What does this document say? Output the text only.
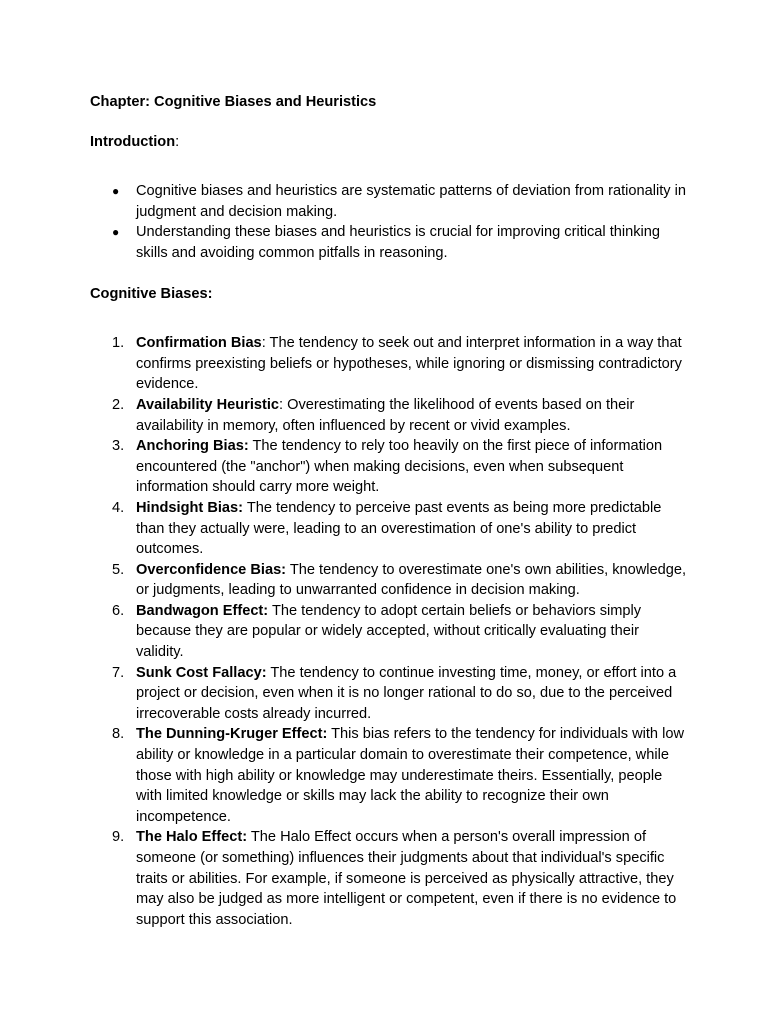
Chapter: Cognitive Biases and Heuristics
Introduction:
● Cognitive biases and heuristics are systematic patterns of deviation from rationality in judgment and decision making.
● Understanding these biases and heuristics is crucial for improving critical thinking skills and avoiding common pitfalls in reasoning.
Cognitive Biases:
1. Confirmation Bias: The tendency to seek out and interpret information in a way that confirms preexisting beliefs or hypotheses, while ignoring or dismissing contradictory evidence.
2. Availability Heuristic: Overestimating the likelihood of events based on their availability in memory, often influenced by recent or vivid examples.
3. Anchoring Bias: The tendency to rely too heavily on the first piece of information encountered (the "anchor") when making decisions, even when subsequent information should carry more weight.
4. Hindsight Bias: The tendency to perceive past events as being more predictable than they actually were, leading to an overestimation of one's ability to predict outcomes.
5. Overconfidence Bias: The tendency to overestimate one's own abilities, knowledge, or judgments, leading to unwarranted confidence in decision making.
6. Bandwagon Effect: The tendency to adopt certain beliefs or behaviors simply because they are popular or widely accepted, without critically evaluating their validity.
7. Sunk Cost Fallacy: The tendency to continue investing time, money, or effort into a project or decision, even when it is no longer rational to do so, due to the perceived irrecoverable costs already incurred.
8. The Dunning-Kruger Effect: This bias refers to the tendency for individuals with low ability or knowledge in a particular domain to overestimate their competence, while those with high ability or knowledge may underestimate theirs. Essentially, people with limited knowledge or skills may lack the ability to recognize their own incompetence.
9. The Halo Effect: The Halo Effect occurs when a person's overall impression of someone (or something) influences their judgments about that individual's specific traits or abilities. For example, if someone is perceived as physically attractive, they may also be judged as more intelligent or competent, even if there is no evidence to support this association.
